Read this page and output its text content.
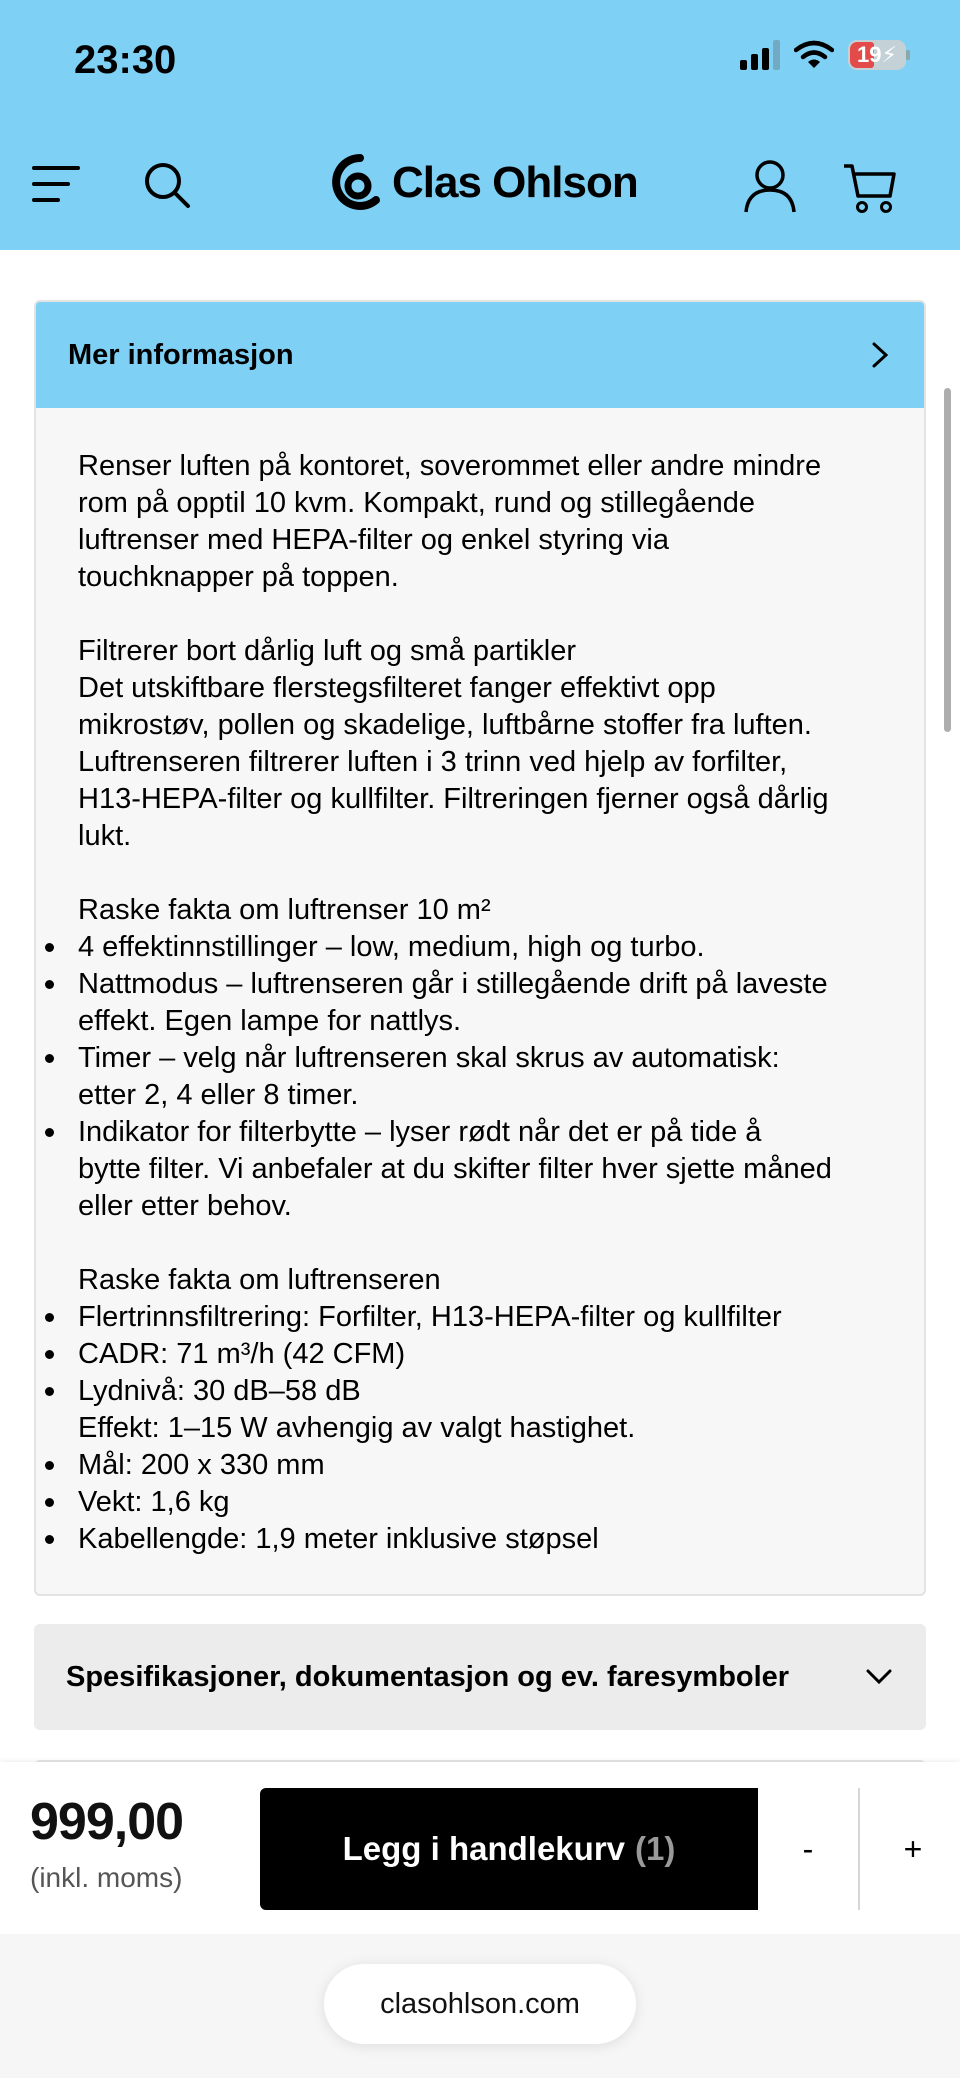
23:30	19 ⚡
Clas Ohlson
Mer informasjon
Renser luften på kontoret, soverommet eller andre mindre
rom på opptil 10 kvm. Kompakt, rund og stillegående
luftrenser med HEPA-filter og enkel styring via
touchknapper på toppen.
Filtrerer bort dårlig luft og små partikler
Det utskiftbare flerstegsfilteret fanger effektivt opp
mikrostøv, pollen og skadelige, luftbårne stoffer fra luften.
Luftrenseren filtrerer luften i 3 trinn ved hjelp av forfilter,
H13-HEPA-filter og kullfilter. Filtreringen fjerner også dårlig
lukt.
Raske fakta om luftrenser 10 m²
4 effektinnstillinger – low, medium, high og turbo.
Nattmodus – luftrenseren går i stillegående drift på laveste
effekt. Egen lampe for nattlys.
Timer – velg når luftrenseren skal skrus av automatisk:
etter 2, 4 eller 8 timer.
Indikator for filterbytte – lyser rødt når det er på tide å
bytte filter. Vi anbefaler at du skifter filter hver sjette måned
eller etter behov.
Raske fakta om luftrenseren
Flertrinnsfiltrering: Forfilter, H13-HEPA-filter og kullfilter
CADR: 71 m³/h (42 CFM)
Lydnivå: 30 dB–58 dB
Effekt: 1–15 W avhengig av valgt hastighet.
Mål: 200 x 330 mm
Vekt: 1,6 kg
Kabellengde: 1,9 meter inklusive støpsel
Spesifikasjoner, dokumentasjon og ev. faresymboler
999,00
(inkl. moms)
Legg i handlekurv (1)	-	+
clasohlson.com
